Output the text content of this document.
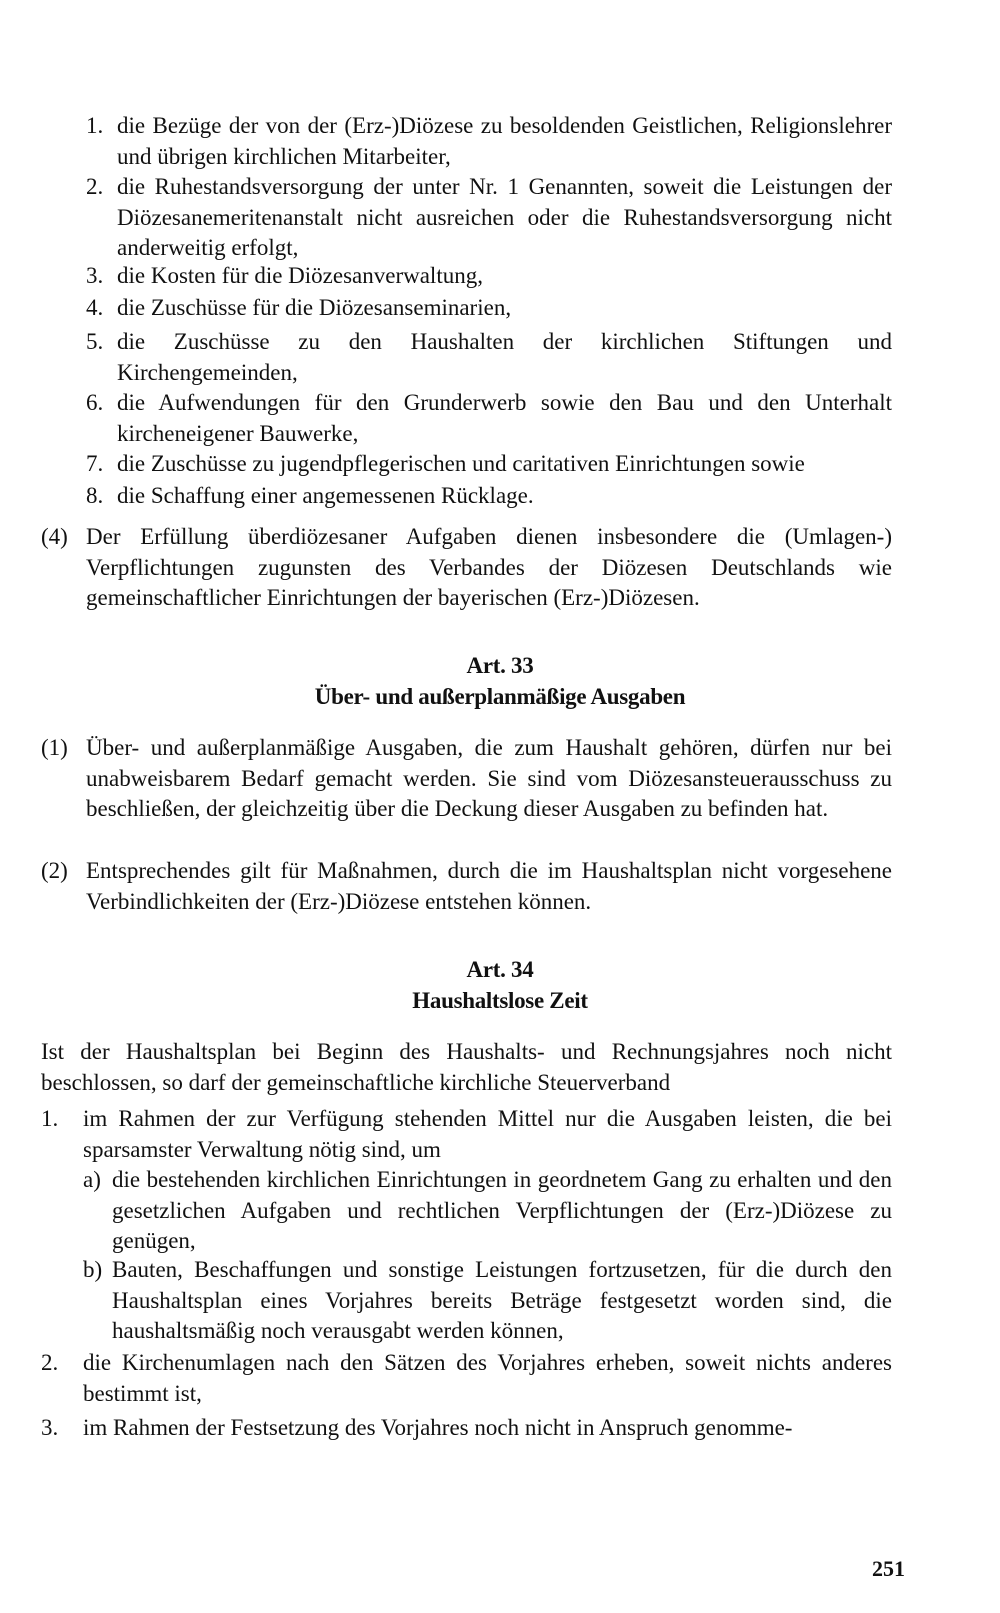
1. die Bezüge der von der (Erz-)Diözese zu besoldenden Geistlichen, Religionslehrer und übrigen kirchlichen Mitarbeiter,
2. die Ruhestandsversorgung der unter Nr. 1 Genannten, soweit die Leistungen der Diözesanemeritenanstalt nicht ausreichen oder die Ruhestandsversorgung nicht anderweitig erfolgt,
3. die Kosten für die Diözesanverwaltung,
4. die Zuschüsse für die Diözesanseminarien,
5. die Zuschüsse zu den Haushalten der kirchlichen Stiftungen und Kirchengemeinden,
6. die Aufwendungen für den Grunderwerb sowie den Bau und den Unterhalt kircheneigener Bauwerke,
7. die Zuschüsse zu jugendpflegerischen und caritativen Einrichtungen sowie
8. die Schaffung einer angemessenen Rücklage.
(4) Der Erfüllung überdiözesaner Aufgaben dienen insbesondere die (Umlagen-) Verpflichtungen zugunsten des Verbandes der Diözesen Deutschlands wie gemeinschaftlicher Einrichtungen der bayerischen (Erz-)Diözesen.
Art. 33
Über- und außerplanmäßige Ausgaben
(1) Über- und außerplanmäßige Ausgaben, die zum Haushalt gehören, dürfen nur bei unabweisbarem Bedarf gemacht werden. Sie sind vom Diözesansteuerausschuss zu beschließen, der gleichzeitig über die Deckung dieser Ausgaben zu befinden hat.
(2) Entsprechendes gilt für Maßnahmen, durch die im Haushaltsplan nicht vorgesehene Verbindlichkeiten der (Erz-)Diözese entstehen können.
Art. 34
Haushaltslose Zeit
Ist der Haushaltsplan bei Beginn des Haushalts- und Rechnungsjahres noch nicht beschlossen, so darf der gemeinschaftliche kirchliche Steuerverband
1. im Rahmen der zur Verfügung stehenden Mittel nur die Ausgaben leisten, die bei sparsamster Verwaltung nötig sind, um
a) die bestehenden kirchlichen Einrichtungen in geordnetem Gang zu erhalten und den gesetzlichen Aufgaben und rechtlichen Verpflichtungen der (Erz-)Diözese zu genügen,
b) Bauten, Beschaffungen und sonstige Leistungen fortzusetzen, für die durch den Haushaltsplan eines Vorjahres bereits Beträge festgesetzt worden sind, die haushaltsmäßig noch verausgabt werden können,
2. die Kirchenumlagen nach den Sätzen des Vorjahres erheben, soweit nichts anderes bestimmt ist,
3. im Rahmen der Festsetzung des Vorjahres noch nicht in Anspruch genomme-
251
